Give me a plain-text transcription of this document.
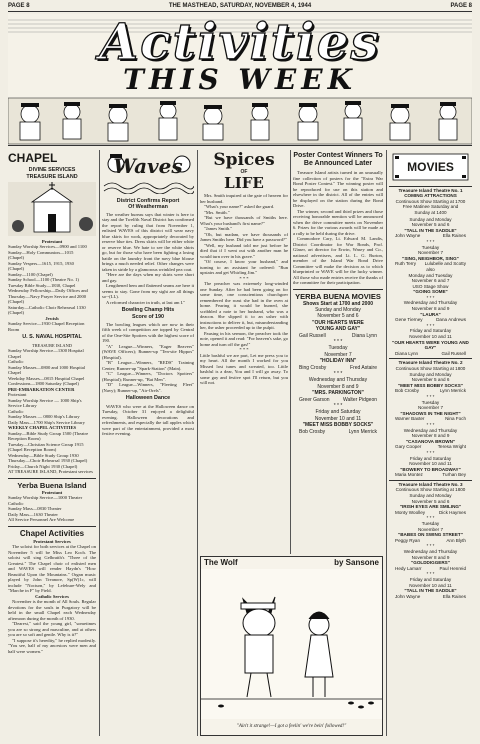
PAGE 8	THE MASTHEAD, SATURDAY, NOVEMBER 4, 1944	PAGE 8
Activities
THIS WEEK
CHAPEL
DIVINE SERVICES
TREASURE ISLAND
Protestant
Sunday Worship Services—0900 and 1100
Sunday—Holy Communion—1015
(Chapel)
Sunday Vespers—1615, 1915, 1930
(Chapel)
Sunday—1100 (Chapel)
Sunday School—1100 (Theatre No. 1)
Tuesday Bible Study—1830, Chapel
Wednesday Fellowship—Daily Offices and
Thursday—Navy Prayer Service and 2000
(Chapel)
Saturday—Catholic Choir Rehearsal 1330
(Chapel)
Jewish
Sunday Service—1930 Chapel Reception
Room
U. S. NAVAL HOSPITAL
TREASURE ISLAND
Sunday Worship Service—1300 Hospital
Chapel
Catholic
Sunday Masses—0800 and 1000 Hospital
Chapel
Weekday Masses—0815 Hospital Chapel
Confessions—1800 Saturday (Chapel)
PRE-EMBARKATION CENTER
Protestant
Sunday Worship Service — 1000 Ship's
Service Library
Catholic
Sunday Masses — 0800 Ship's Library
Daily Mass—1700 Ship's Service Library
WEEKLY CHAPEL ACTIVITIES
Sunday—Bible Study Group 1500 (Theatre
Reception Room)
Tuesday—Christian Science Group 1915
(Chapel Reception Room)
Wednesday—Bible Study Group 1930
Thursday—Choir Rehearsal 1930 (Chapel)
Friday—Church Night 1930 (Chapel)
AT TREASURE ISLAND, Protestant services
Yerba Buena Island
Protestant
Sunday Worship Service—1000 Theater
Catholic
Sunday Mass—0830 Theater
Daily Mass—1630 Theater
All Service Personnel Are Welcome
Chapel Activities
Protestant Services

The soloist for both services at the Chapel on November 5 will be Miss Leo Koch. The soloist will sing Gelbraith's "Three of the Greatest." The Chapel choir of enlisted men and WAVES will render Haydn's "How Beautiful Upon the Mountains." Organ music played by John Treanore, Sp(W)1c, will include "Nocturn," by Lefebure-Wely and "Marche in F" by Field.

Catholic Services

November is the month of All Souls. Regular devotions for the souls in Purgatory will be held in the small Chapel each Wednesday afternoon during the month of 1930.

"Dearest," said the young girl, "sometimes you are so strong and masculine, and at others you are so soft and gentle. Why is it?"

"I suppose it's heredity," he replied modestly. "You see, half of my ancestors were men and half were women."

Waves
District Confirms Report
Of Weatherman

The weather bureau says that winter is here to stay and the Twelfth Naval District has confirmed the report by ruling that from November 1, enlisted WAVES of this district will wear navy blue skirts for work, appropriately decorated by reserve blue ties. Dress skirts will be either white or reserve blue. We hate to see the white shirts go, but for those who have been fighting a losing battle on the laundry front the navy blue blouse brings a much needed relief. Other changes were taken in stride by a glamorous wrinkled pea coat.

"Here are the days when my skirts were short and gay.

Lengthened hem and flattened seams are here it seems to stay. Gone from my sight are all things so--(LL).

A reformed character in truth, at last am I."

Bowling Champ Hits
Score of 190

The bowling leagues which are now in their fifth week of competition are topped by Central of the One-Site Spotters with the highest score of 190.

"A" League—Winners, "Eager Beavers" (WAVE Officers); Runner-up "Ten-site Hippos" (Hospital).

"B" League—Winners, "REDS" Training Center; Runner-up "Spark-Station" (Main).

"C" League—Winners, "Doctors Spotters" (Hospital); Runner-up, "Bat Men".

"D" League—Winners, "Fleeting Fleet" (Navy); Runner-up, "Air-Orels".

Halloween Dance

WAVES who were at the Halloween dance on Tuesday, October 31 enjoyed a delightful evening. Halloween decorations and refreshments, and especially the tall apples which were part of the entertainment, provided a most festive evening.

Spices
OF
LIFE

Mrs. Smith inquired at the gate of heaven for her husband.

"What's your name?" asked the guard.

"Mrs. Smith."

"But we have thousands of Smiths here. What's your husband's first name?"

"James Smith."

"Oh, but madam, we have thousands of James Smiths here. Did you have a password?"

"Well, my husband told me just before he died that if I went out with another man he would turn over in his grave."

"Of course, I know your husband," and turning to an assistant he ordered: "Run upstairs and get Whirling Jim."

* * *

The preacher was extremely long-winded one Sunday. After he had been going on for some time, one conscientious churchgoer remembered the roast she had in the oven at home. Fearing it would be burned, she scribbled a note to her husband, who was a deacon. She slipped it to an usher with instructions to deliver it, but, misunderstanding her, the usher proceeded up to the pulpit.

Pausing in his sermon, the preacher took the note, opened it and read: "For heaven's sake, go home and turn off the gas!"

* * *

Little bashful we are part, Let me press you to my heart. All the month I worked for you Missed lost tunes and sweated, too. Little bashful is a dear, You and I will go away. To some gay and festive spot I'll return, but you will not.

Poster Contest Winners To Be Announced Later

Treasure Island artists turned in an unusually fine collection of posters for the "Extra War Bond Poster Contest." The winning poster will be reproduced for use on this station and elsewhere in the district. All of the entries will be displayed on the station during the Bond Drive.

The winner, second and third prizes and those receiving honorable mention will be announced when the drive committee meets on November 6. Prizes for the various awards will be made at a rally to be held during the drive.

Commodore Cary, Lt. Edward M. Landis, District Coordinator for War Bonds, Prof. Glaser, art director for Erwin, Wasey and Co., national advertisers, and Lt. L. G. Burton, member of the Island War Bond Drive Committee will make the decision as to which blueprinted or WAVE will be the lucky winner. All those who made entries receive the thanks of the committee for their participation.

YERBA BUENA MOVIES
Shows Start at 1700 and 2000
Sunday and Monday
November 5 and 6
"OUR HEARTS WERE
YOUNG AND GAY"
Gail Russell	Diana Lynn
* * *
Tuesday
November 7
"HOLIDAY INN"
Bing Crosby	Fred Astaire
* * *
Wednesday and Thursday
November 8 and 9
"MRS. PARKINGTON"
Greer Garson	Walter Pidgeon
* * *
Friday and Saturday
November 10 and 11
"MEET MISS BOBBY SOCKS"
Bob Crosby	Lynn Merrick
The Wolf	by Sansone
"Ain't it strange!—I got a feelin' we're bein' followed!"
MOVIES
Treasure Island Theatre No. 1
COMING ATTRACTIONS
Continuous Show Starting at 1700
Free Matinee Saturday and
Sunday at 1400
Sunday and Monday
November 5 and 6
"TALL IN THE SADDLE"
John Wayne	Ella Raines
* * *
Tuesday
November 7
"SING, NEIGHBOR, SING"
Ruth Terry Lulubelle and Scotty
also
Monday and Tuesday
November 6 and 7
USO Stage Show
"GOING SOME"
* * *
Wednesday and Thursday
November 8 and 9
"LAURA"
Gene Tierney	Dana Andrews
* * *
Friday and Saturday
November 10 and 11
"OUR HEARTS WERE YOUNG AND GAY"
Diana Lynn	Gail Russell
Treasure Island Theatre No. 2
Continuous Show Starting at 1800
Sunday and Monday
November 5 and 6
"MEET MISS BOBBY SOCKS"
Bob Crosby	Lynn Merrick
* * *
Tuesday
November 7
"SHADOWS IN THE NIGHT"
Warner Baxter	Nina Foch
* * *
Wednesday and Thursday
November 8 and 9
"CASANOVA BROWN"
Gary Cooper	Teresa Wright
* * *
Friday and Saturday
November 10 and 11
"BOWERY TO BROADWAY"
Maria Montez	Turhan Bey
Treasure Island Theatre No. 3
Continuous Show Starting at 1800
Sunday and Monday
November 5 and 6
"IRISH EYES ARE SMILING"
Monty Woolley	Dick Haymes
* * *
Tuesday
November 7
"BABES ON SWING STREET"
Peggy Ryan	Ann Blyth
* * *
Wednesday and Thursday
November 8 and 9
"GOLDDIGGERS"
Hedy Lamarr	Paul Henreid
* * *
Friday and Saturday
November 10 and 11
"TALL IN THE SADDLE"
John Wayne	Ella Raines
